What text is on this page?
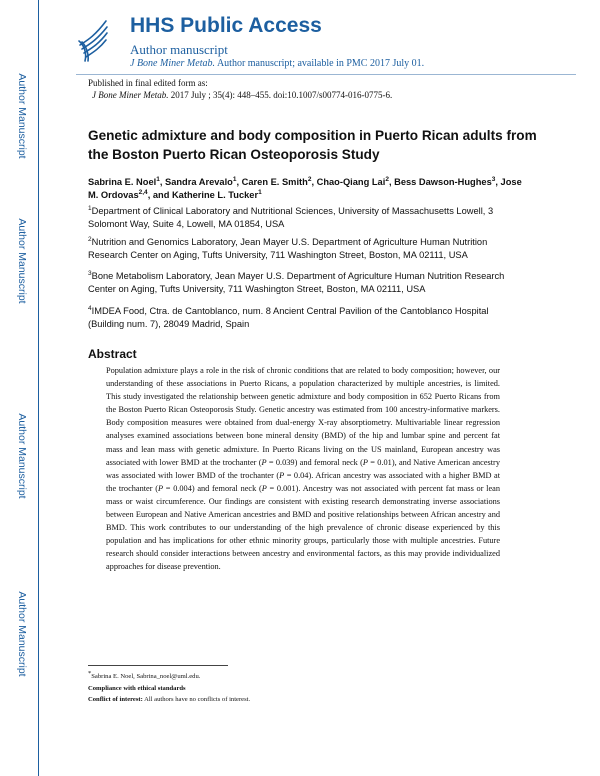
Author Manuscript
Author Manuscript
Author Manuscript
Author Manuscript
HHS Public Access
Author manuscript
J Bone Miner Metab. Author manuscript; available in PMC 2017 July 01.
Published in final edited form as:
J Bone Miner Metab. 2017 July ; 35(4): 448–455. doi:10.1007/s00774-016-0775-6.
Genetic admixture and body composition in Puerto Rican adults from the Boston Puerto Rican Osteoporosis Study
Sabrina E. Noel$^1$, Sandra Arevalo$^1$, Caren E. Smith$^2$, Chao-Qiang Lai$^2$, Bess Dawson-Hughes$^3$, Jose M. Ordovas$^{2,4}$, and Katherine L. Tucker$^1$
$^1$Department of Clinical Laboratory and Nutritional Sciences, University of Massachusetts Lowell, 3 Solomont Way, Suite 4, Lowell, MA 01854, USA
$^2$Nutrition and Genomics Laboratory, Jean Mayer U.S. Department of Agriculture Human Nutrition Research Center on Aging, Tufts University, 711 Washington Street, Boston, MA 02111, USA
$^3$Bone Metabolism Laboratory, Jean Mayer U.S. Department of Agriculture Human Nutrition Research Center on Aging, Tufts University, 711 Washington Street, Boston, MA 02111, USA
$^4$IMDEA Food, Ctra. de Cantoblanco, num. 8 Ancient Central Pavilion of the Cantoblanco Hospital (Building num. 7), 28049 Madrid, Spain
Abstract
Population admixture plays a role in the risk of chronic conditions that are related to body composition; however, our understanding of these associations in Puerto Ricans, a population characterized by multiple ancestries, is limited. This study investigated the relationship between genetic admixture and body composition in 652 Puerto Ricans from the Boston Puerto Rican Osteoporosis Study. Genetic ancestry was estimated from 100 ancestry-informative markers. Body composition measures were obtained from dual-energy X-ray absorptiometry. Multivariable linear regression analyses examined associations between bone mineral density (BMD) of the hip and lumbar spine and percent fat mass and lean mass with genetic admixture. In Puerto Ricans living on the US mainland, European ancestry was associated with lower BMD at the trochanter (P = 0.039) and femoral neck (P = 0.01), and Native American ancestry was associated with lower BMD of the trochanter (P = 0.04). African ancestry was associated with a higher BMD at the trochanter (P = 0.004) and femoral neck (P = 0.001). Ancestry was not associated with percent fat mass or lean mass or waist circumference. Our findings are consistent with existing research demonstrating inverse associations between European and Native American ancestries and BMD and positive relationships between African ancestry and BMD. This work contributes to our understanding of the high prevalence of chronic disease experienced by this population and has implications for other ethnic minority groups, particularly those with multiple ancestries. Future research should consider interactions between ancestry and environmental factors, as this may provide individualized approaches for disease prevention.
*Sabrina E. Noel, Sabrina_noel@uml.edu.
Compliance with ethical standards
Conflict of interest: All authors have no conflicts of interest.
